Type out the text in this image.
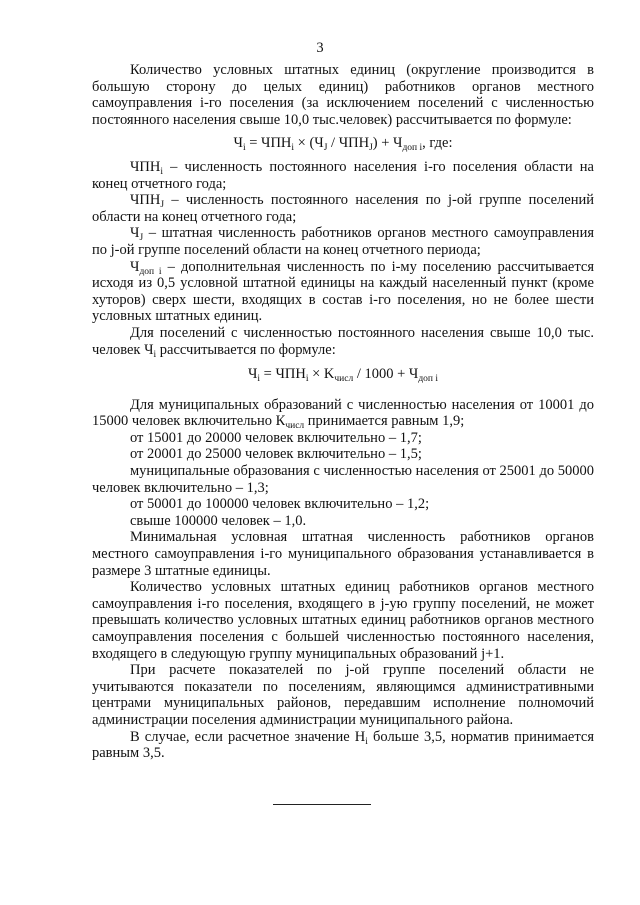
3

Количество условных штатных единиц (округление производится в большую сторону до целых единиц) работников органов местного самоуправления i-го поселения (за исключением поселений с численностью постоянного населения свыше 10,0 тыс.человек) рассчитывается по формуле:

$Ч_i = ЧПН_i \times (Ч_J / ЧПН_J) + Ч_{доп i}$, где:

$ЧПН_i$ – численность постоянного населения i-го поселения области на конец отчетного года;

$ЧПН_J$ – численность постоянного населения по j-ой группе поселений области на конец отчетного года;

$Ч_J$ – штатная численность работников органов местного самоуправления по j-ой группе поселений области на конец отчетного периода;

$Ч_{доп i}$ – дополнительная численность по i-му поселению рассчитывается исходя из 0,5 условной штатной единицы на каждый населенный пункт (кроме хуторов) сверх шести, входящих в состав i-го поселения, но не более шести условных штатных единиц.

Для поселений с численностью постоянного населения свыше 10,0 тыс. человек $Ч_i$ рассчитывается по формуле:

$Ч_i = ЧПН_i \times K_{числ} / 1000 + Ч_{доп i}$

Для муниципальных образований с численностью населения от 10001 до 15000 человек включительно $К_{числ}$ принимается равным 1,9;

от 15001 до 20000 человек включительно – 1,7;

от 20001 до 25000 человек включительно – 1,5;

муниципальные образования с численностью населения от 25001 до 50000 человек включительно – 1,3;

от 50001 до 100000 человек включительно – 1,2;

свыше 100000 человек – 1,0.

Минимальная условная штатная численность работников органов местного самоуправления i-го муниципального образования устанавливается в размере 3 штатные единицы.

Количество условных штатных единиц работников органов местного самоуправления i-го поселения, входящего в j-ую группу поселений, не может превышать количество условных штатных единиц работников органов местного самоуправления поселения с большей численностью постоянного населения, входящего в следующую группу муниципальных образований j+1.

При расчете показателей по j-ой группе поселений области не учитываются показатели по поселениям, являющимся административными центрами муниципальных районов, передавшим исполнение полномочий администрации поселения администрации муниципального района.

В случае, если расчетное значение $Н_i$ больше 3,5, норматив принимается равным 3,5.
